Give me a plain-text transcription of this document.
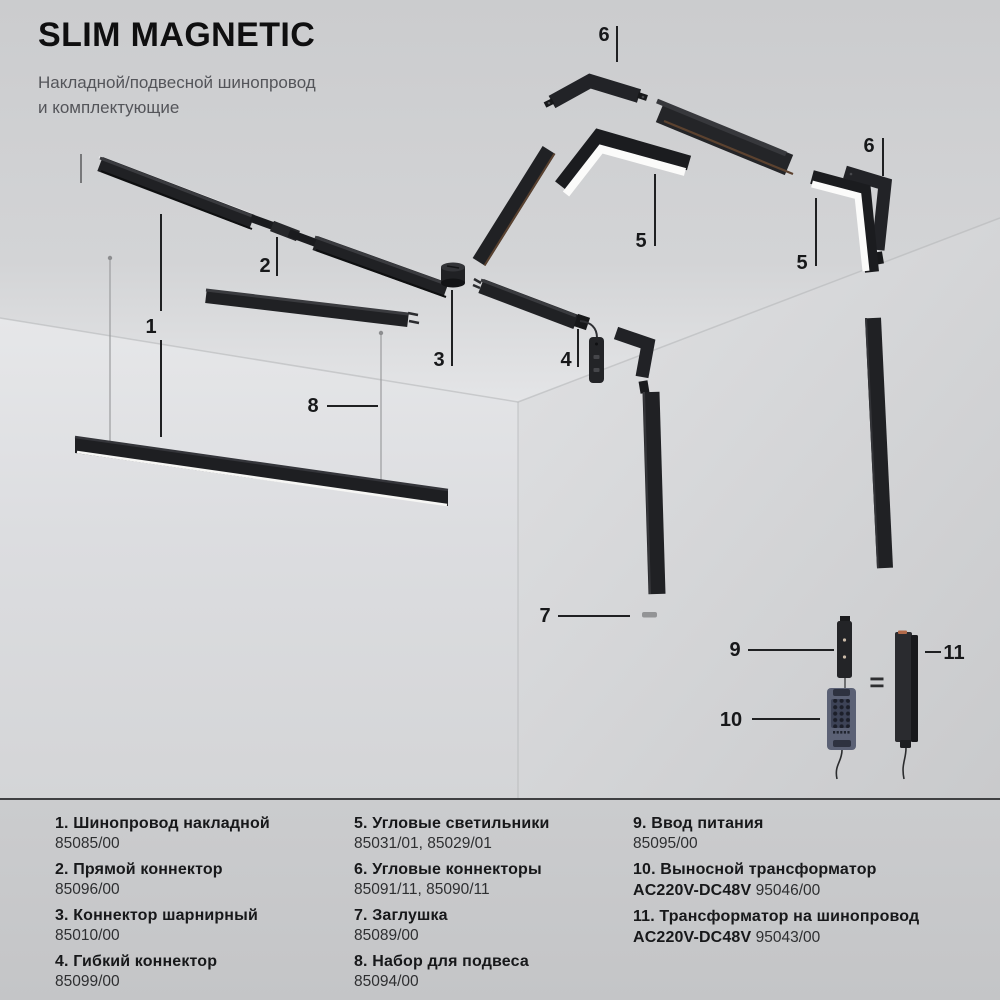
1
2
3	4
5
5
6
6
7
8
9
10
11
=
SLIM MAGNETIC
Накладной/подвесной шинопровод
и комплектующие
1. Шинопровод накладной
85085/00
2. Прямой коннектор
85096/00
3. Коннектор шарнирный
85010/00
4. Гибкий коннектор
85099/00
5. Угловые светильники
85031/01, 85029/01
6. Угловые коннекторы
85091/11, 85090/11
7. Заглушка
85089/00
8. Набор для подвеса
85094/00
9. Ввод питания
85095/00
10. Выносной трансформатор
AC220V-DC48V 95046/00
11. Трансформатор на шинопровод
AC220V-DC48V 95043/00
